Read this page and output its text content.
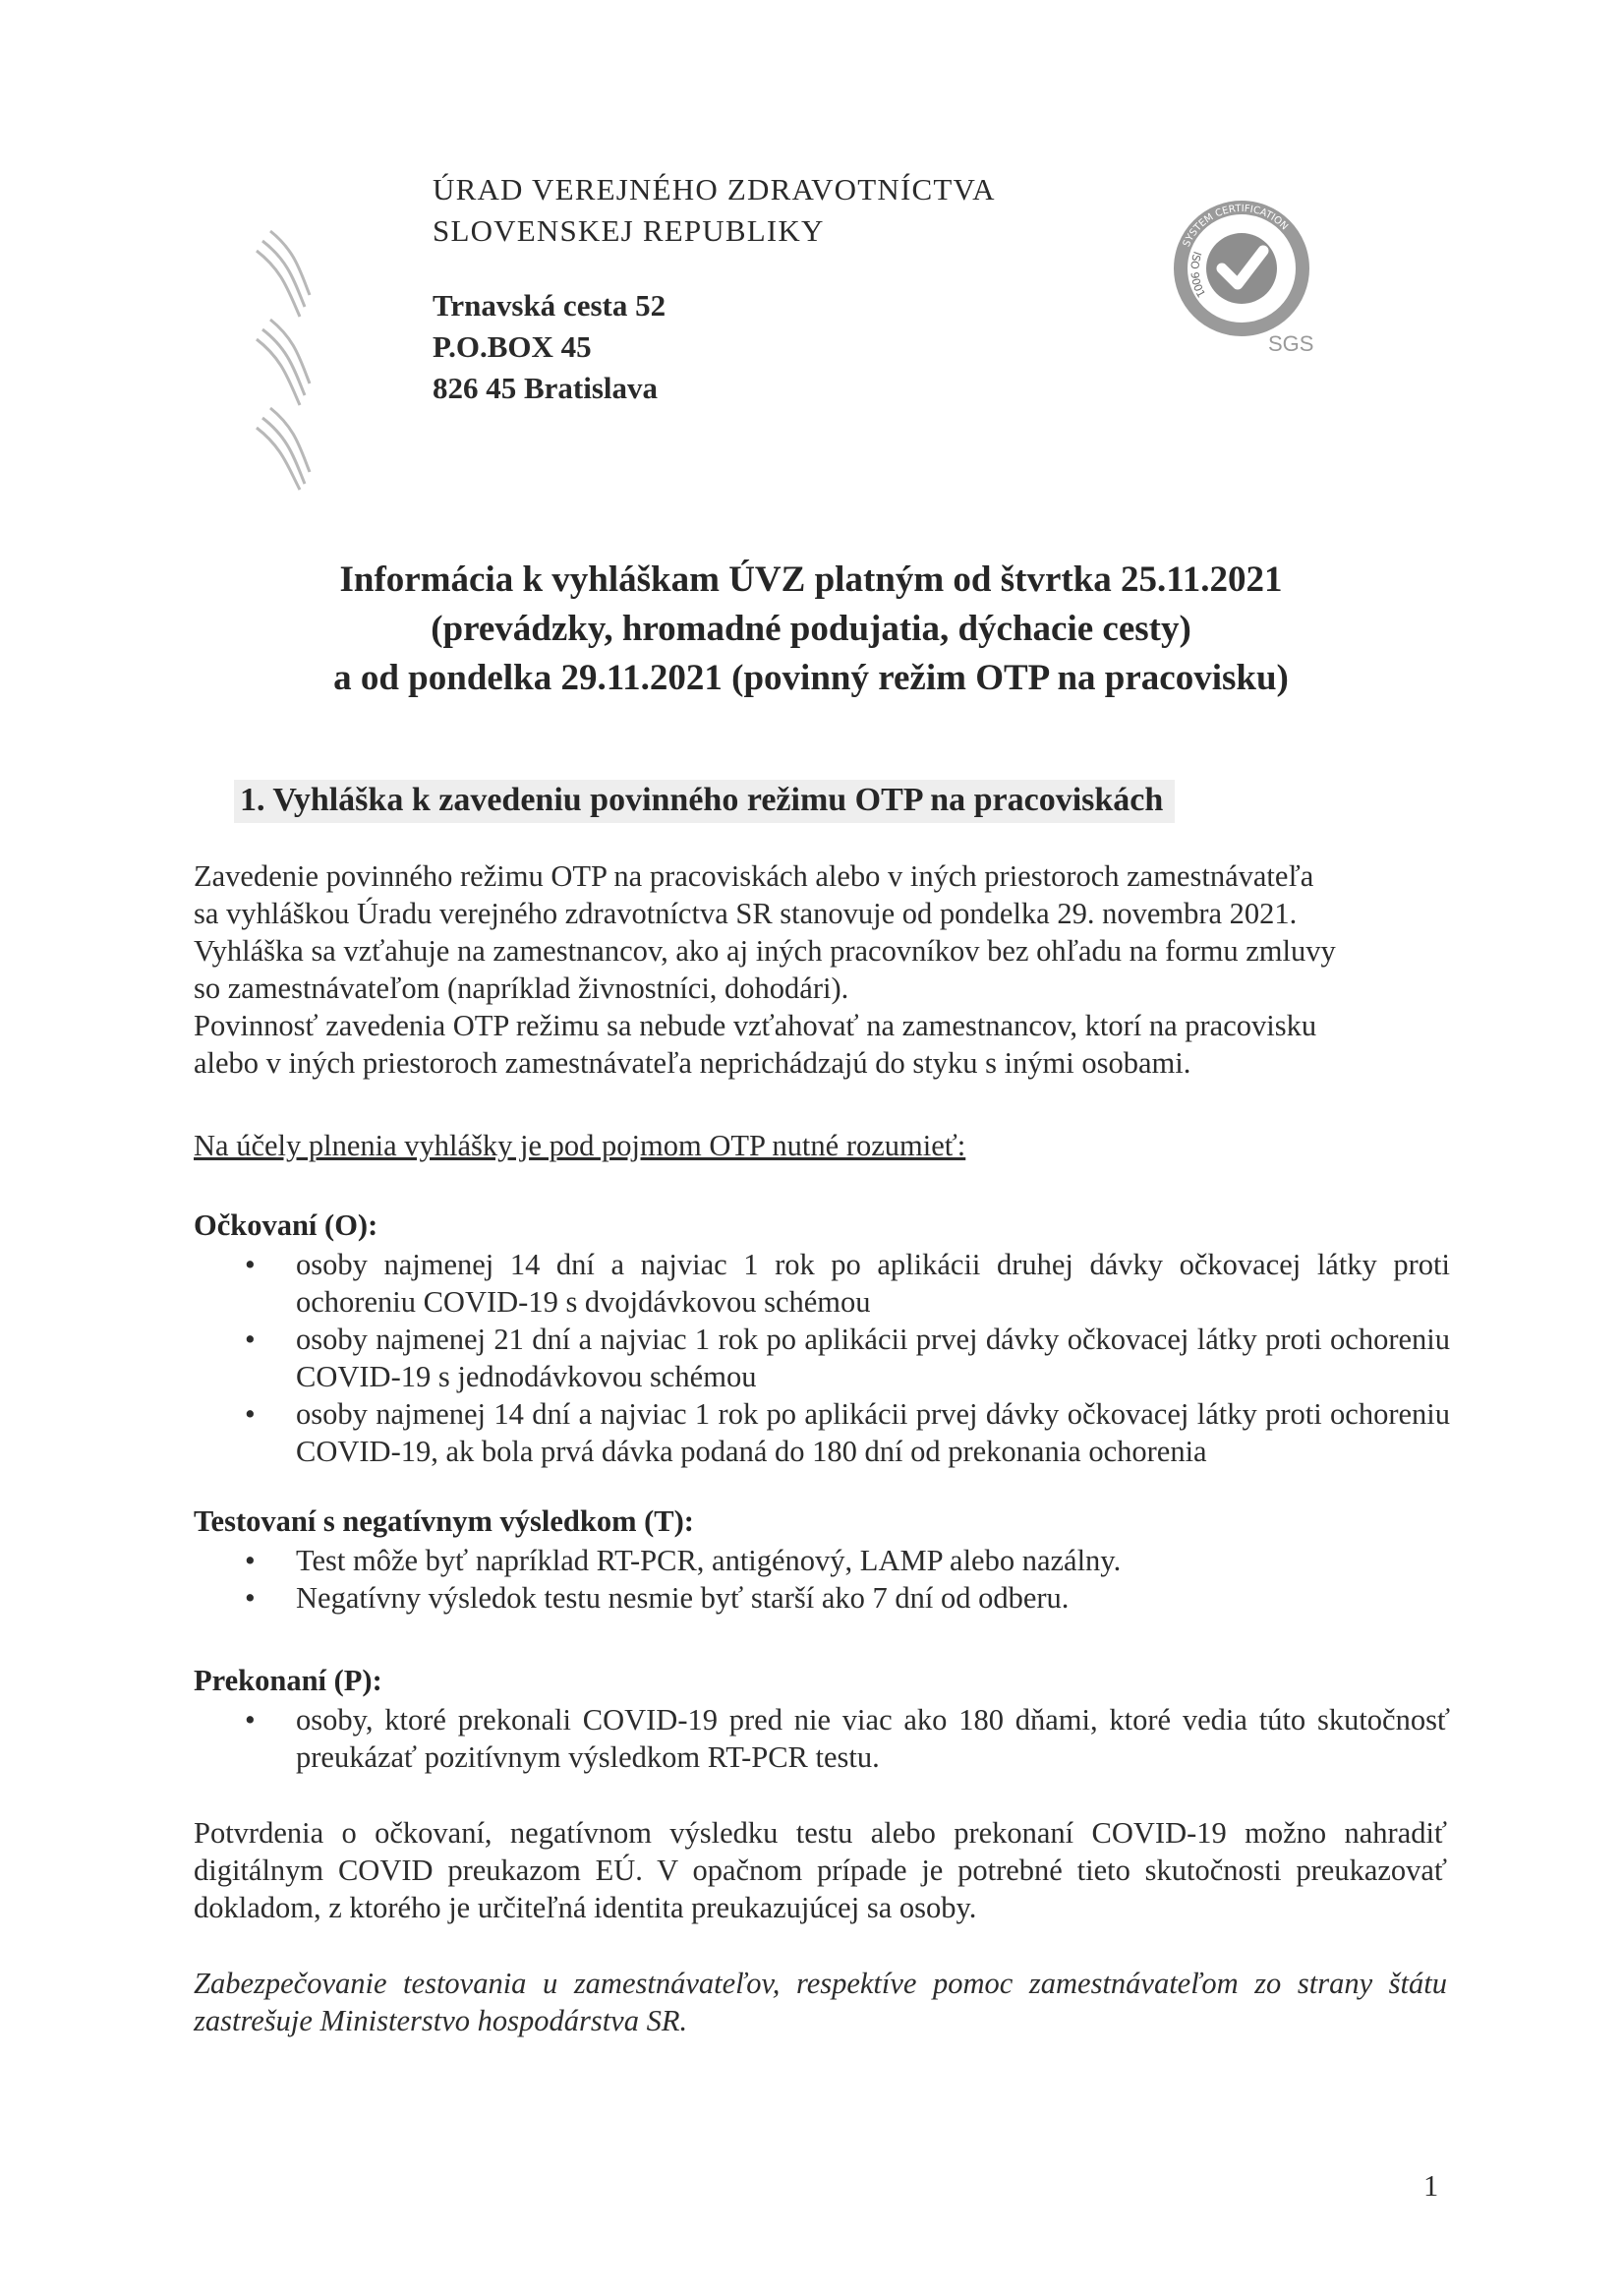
ÚRAD VEREJNÉHO ZDRAVOTNÍCTVA
SLOVENSKEJ REPUBLIKY
Trnavská cesta 52
P.O.BOX 45
826 45 Bratislava
SYSTEM CERTIFICATION
ISO 9001
SGS
Informácia k vyhláškam ÚVZ platným od štvrtka 25.11.2021
(prevádzky, hromadné podujatia, dýchacie cesty)
a od pondelka 29.11.2021 (povinný režim OTP na pracovisku)
1. Vyhláška k zavedeniu povinného režimu OTP na pracoviskách

Zavedenie povinného režimu OTP na pracoviskách alebo v iných priestoroch zamestnávateľa

sa vyhláškou Úradu verejného zdravotníctva SR stanovuje od pondelka 29. novembra 2021.

Vyhláška sa vzťahuje na zamestnancov, ako aj iných pracovníkov bez ohľadu na formu zmluvy

so zamestnávateľom (napríklad živnostníci, dohodári).

Povinnosť zavedenia OTP režimu sa nebude vzťahovať na zamestnancov, ktorí na pracovisku

alebo v iných priestoroch zamestnávateľa neprichádzajú do styku s inými osobami.

Na účely plnenia vyhlášky je pod pojmom OTP nutné rozumieť:
Očkovaní (O):
• osoby najmenej 14 dní a najviac 1 rok po aplikácii druhej dávky očkovacej látky proti ochoreniu COVID-19 s dvojdávkovou schémou
• osoby najmenej 21 dní a najviac 1 rok po aplikácii prvej dávky očkovacej látky proti ochoreniu COVID-19 s jednodávkovou schémou
• osoby najmenej 14 dní a najviac 1 rok po aplikácii prvej dávky očkovacej látky proti ochoreniu COVID-19, ak bola prvá dávka podaná do 180 dní od prekonania ochorenia
Testovaní s negatívnym výsledkom (T):
• Test môže byť napríklad RT-PCR, antigénový, LAMP alebo nazálny.
• Negatívny výsledok testu nesmie byť starší ako 7 dní od odberu.
Prekonaní (P):
• osoby, ktoré prekonali COVID-19 pred nie viac ako 180 dňami, ktoré vedia túto skutočnosť preukázať pozitívnym výsledkom RT-PCR testu.
Potvrdenia o očkovaní, negatívnom výsledku testu alebo prekonaní COVID-19 možno nahradiť digitálnym COVID preukazom EÚ. V opačnom prípade je potrebné tieto skutočnosti preukazovať dokladom, z ktorého je určiteľná identita preukazujúcej sa osoby.
Zabezpečovanie testovania u zamestnávateľov, respektíve pomoc zamestnávateľom zo strany štátu zastrešuje Ministerstvo hospodárstva SR.
1
